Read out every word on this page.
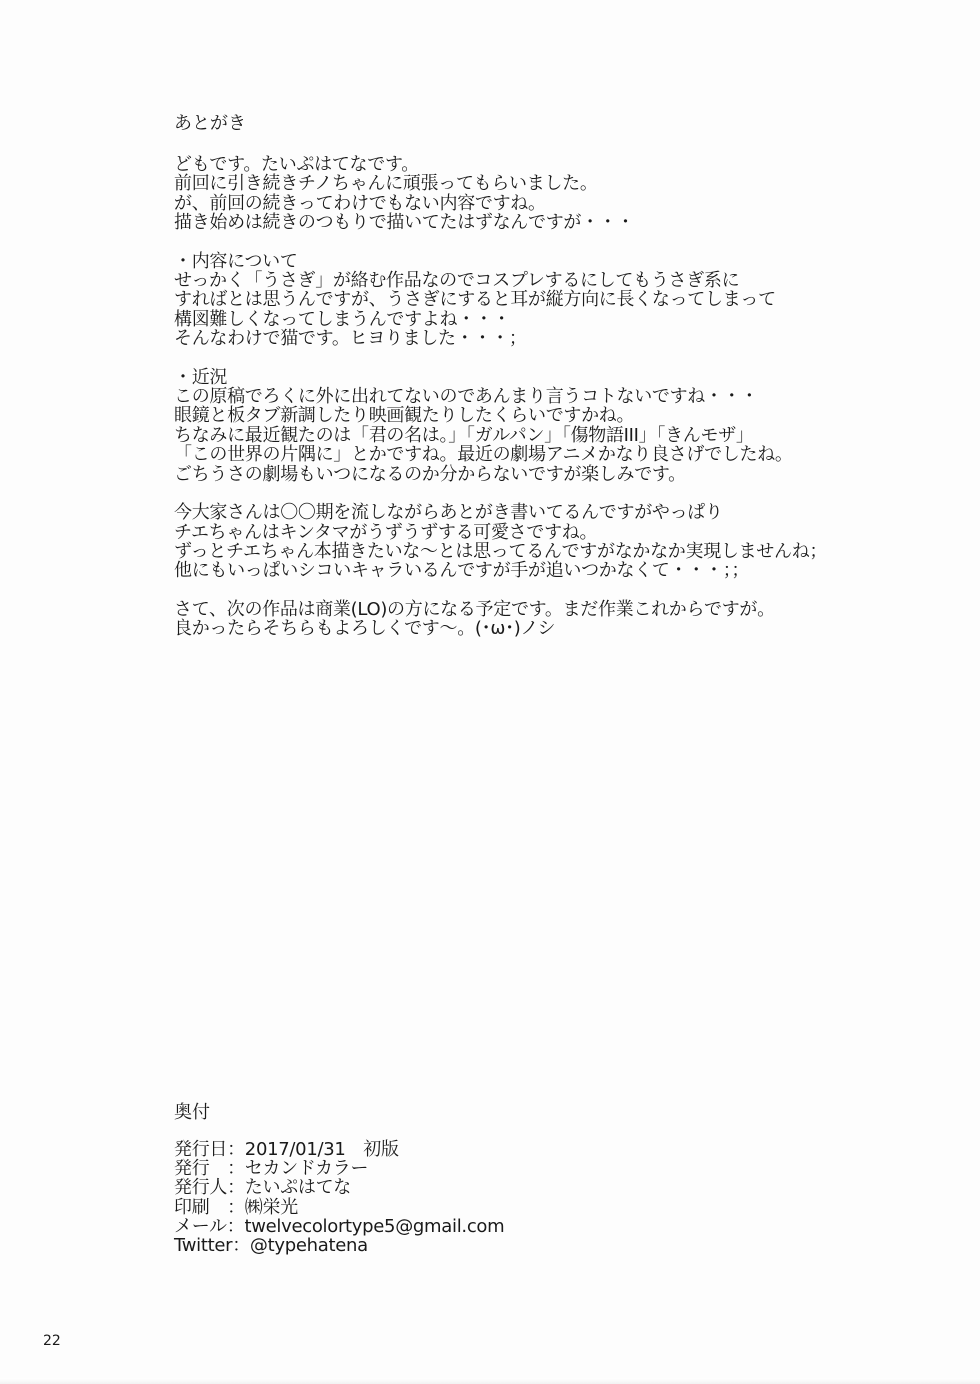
あとがき
どもです。たいぷはてなです。
前回に引き続きチノちゃんに頑張ってもらいました。
が、前回の続きってわけでもない内容ですね。
描き始めは続きのつもりで描いてたはずなんですが・・・
・内容について
せっかく「うさぎ」が絡む作品なのでコスプレするにしてもうさぎ系に
すればとは思うんですが、うさぎにすると耳が縦方向に長くなってしまって
構図難しくなってしまうんですよね・・・
そんなわけで猫です。ヒヨりました・・・；
・近況
この原稿でろくに外に出れてないのであんまり言うコトないですね・・・
眼鏡と板タブ新調したり映画観たりしたくらいですかね。
ちなみに最近観たのは「君の名は。」「ガルパン」「傷物語III」「きんモザ」
「この世界の片隅に」とかですね。最近の劇場アニメかなり良さげでしたね。
ごちうさの劇場もいつになるのか分からないですが楽しみです。
今大家さんは〇〇期を流しながらあとがき書いてるんですがやっぱり
チエちゃんはキンタマがうずうずする可愛さですね。
ずっとチエちゃん本描きたいな～とは思ってるんですがなかなか実現しませんね；
他にもいっぱいシコいキャラいるんですが手が追いつかなくて・・・；；
さて、次の作品は商業(LO)の方になる予定です。まだ作業これからですが。
良かったらそちらもよろしくです～。(･ω･)ノシ
奥付
発行日：2017/01/31　初版
発行　：セカンドカラー
発行人：たいぷはてな
印刷　：㈱栄光
メール：twelvecolortype5@gmail.com
Twitter：@typehatena
22
